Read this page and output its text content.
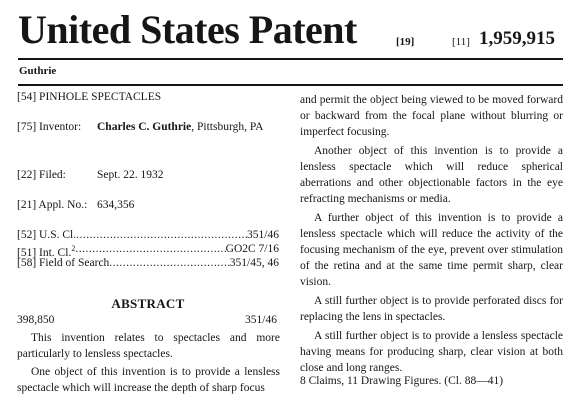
United States Patent	[19]	[11] 1,959,915
Guthrie
[54] PINHOLE SPECTACLES
[75] Inventor: Charles C. Guthrie, Pittsburgh, PA
[22] Filed:	Sept. 22. 1932
[21] Appl. No.: 634,356
[52] U.S. Cl. .....	351/46
[51] Int. Cl.$^2$ .....	GO2C 7/16
[58] Field of Search .....	351/45, 46
ABSTRACT
398,850	351/46
This invention relates to spectacles and more particularly to lensless spectacles.
One object of this invention is to provide a lensless spectacle which will increase the depth of sharp focus

and permit the object being viewed to be moved forward or backward from the focal plane without blurring or imperfect focusing.

Another object of this invention is to provide a lensless spectacle which will reduce spherical aberrations and other objectionable factors in the eye refracting mechanisms or media.

A further object of this invention is to provide a lensless spectacle which will reduce the activity of the focusing mechanism of the eye, prevent over stimulation of the retina and at the same time permit sharp, clear vision.

A still further object is to provide perforated discs for replacing the lens in spectacles.

A still further object is to provide a lensless spectacle having means for producing sharp, clear vision at both close and long ranges.

8 Claims, 11 Drawing Figures. (Cl. 88—41)
